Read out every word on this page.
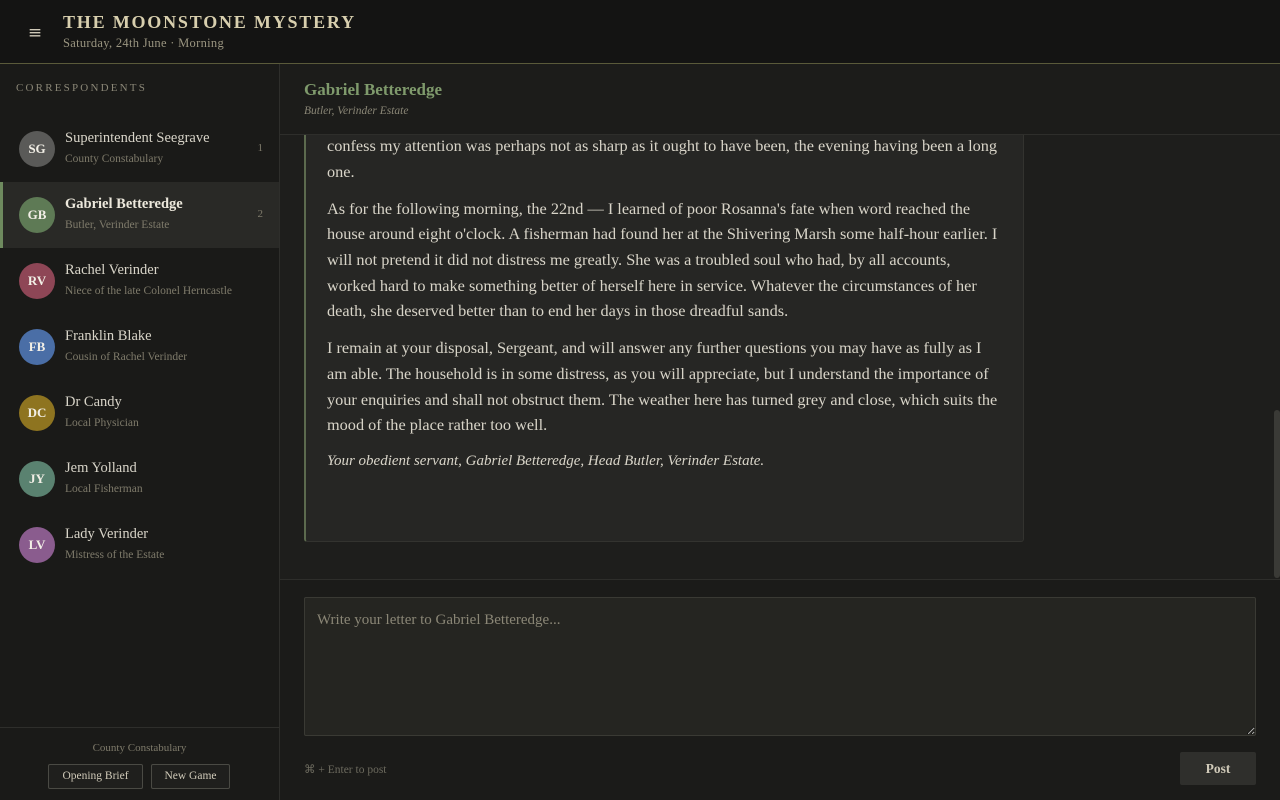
≡
THE MOONSTONE MYSTERY
Saturday, 24th June · Morning
CORRESPONDENTS
SG
Superintendent Seegrave
County Constabulary
1
GB
Gabriel Betteredge
Butler, Verinder Estate
2
RV
Rachel Verinder
Niece of the late Colonel Herncastle
FB
Franklin Blake
Cousin of Rachel Verinder
DC
Dr Candy
Local Physician
JY
Jem Yolland
Local Fisherman
LV
Lady Verinder
Mistress of the Estate
County Constabulary
Opening Brief	New Game
Gabriel Betteredge
Butler, Verinder Estate

confess my attention was perhaps not as sharp as it ought to have been, the evening having been a long one.

As for the following morning, the 22nd — I learned of poor Rosanna's fate when word reached the house around eight o'clock. A fisherman had found her at the Shivering Marsh some half-hour earlier. I will not pretend it did not distress me greatly. She was a troubled soul who had, by all accounts, worked hard to make something better of herself here in service. Whatever the circumstances of her death, she deserved better than to end her days in those dreadful sands.

I remain at your disposal, Sergeant, and will answer any further questions you may have as fully as I am able. The household is in some distress, as you will appreciate, but I understand the importance of your enquiries and shall not obstruct them. The weather here has turned grey and close, which suits the mood of the place rather too well.

Your obedient servant, Gabriel Betteredge, Head Butler, Verinder Estate.

Write your letter to Gabriel Betteredge...
⌘ + Enter to post	Post
